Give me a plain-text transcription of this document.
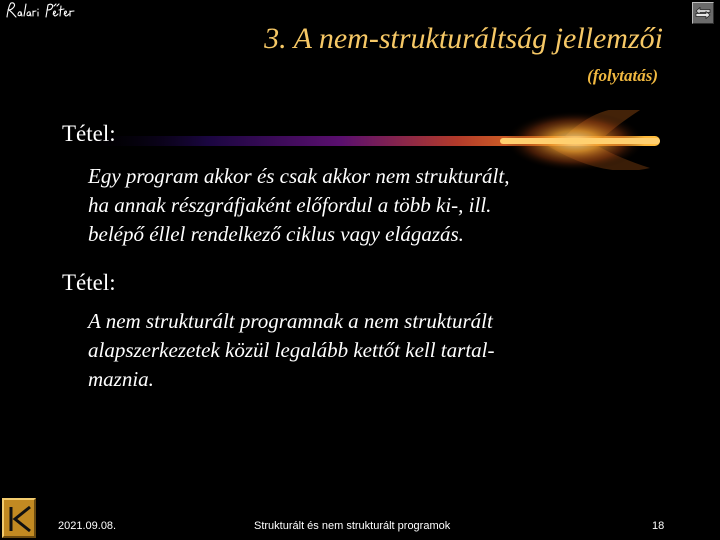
3. A nem-strukturáltság jellemzői
(folytatás)
Tétel:
Egy program akkor és csak akkor nem strukturált,
ha annak részgráfjaként előfordul a több ki-, ill.
belépő éllel rendelkező ciklus vagy elágazás.
Tétel:
A nem strukturált programnak a nem strukturált
alapszerkezetek közül legalább kettőt kell tartal-
maznia.
2021.09.08.	Strukturált és nem strukturált programok	18
